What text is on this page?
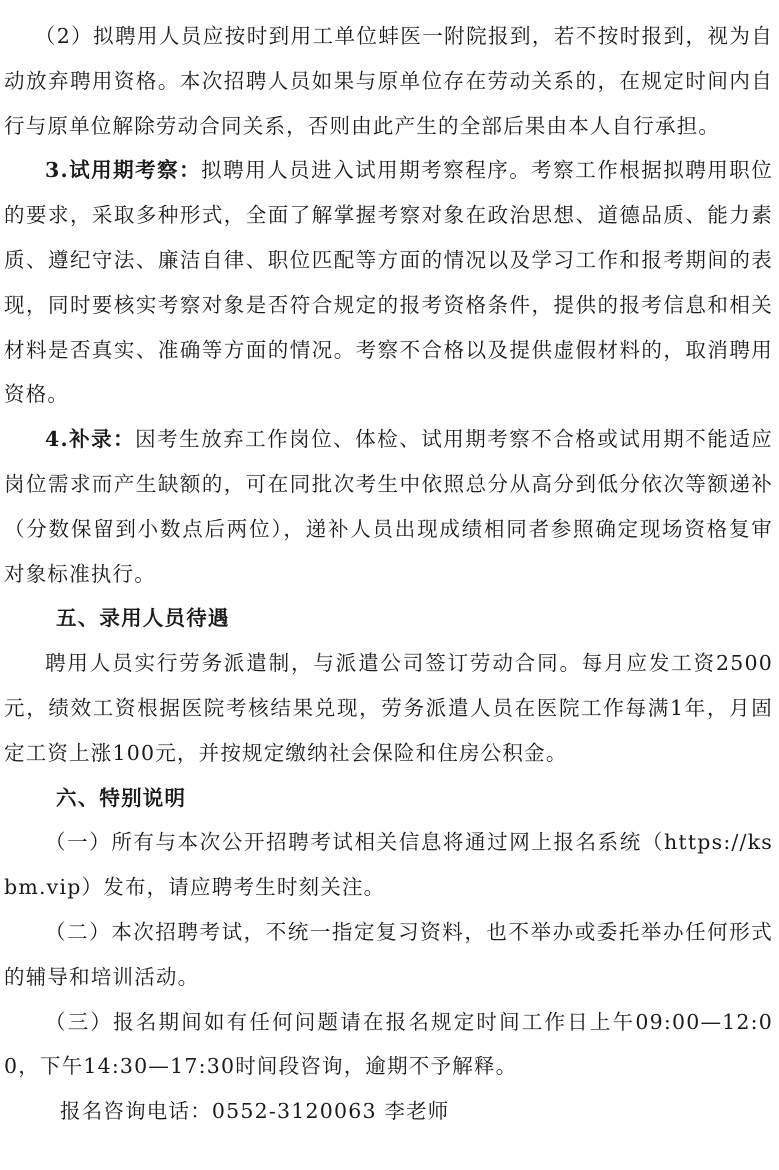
（2）拟聘用人员应按时到用工单位蚌医一附院报到，若不按时报到，视为自动放弃聘用资格。本次招聘人员如果与原单位存在劳动关系的，在规定时间内自行与原单位解除劳动合同关系，否则由此产生的全部后果由本人自行承担。

3.试用期考察：拟聘用人员进入试用期考察程序。考察工作根据拟聘用职位的要求，采取多种形式，全面了解掌握考察对象在政治思想、道德品质、能力素质、遵纪守法、廉洁自律、职位匹配等方面的情况以及学习工作和报考期间的表现，同时要核实考察对象是否符合规定的报考资格条件，提供的报考信息和相关材料是否真实、准确等方面的情况。考察不合格以及提供虚假材料的，取消聘用资格。

4.补录：因考生放弃工作岗位、体检、试用期考察不合格或试用期不能适应岗位需求而产生缺额的，可在同批次考生中依照总分从高分到低分依次等额递补（分数保留到小数点后两位），递补人员出现成绩相同者参照确定现场资格复审对象标准执行。

五、录用人员待遇

聘用人员实行劳务派遣制，与派遣公司签订劳动合同。每月应发工资2500元，绩效工资根据医院考核结果兑现，劳务派遣人员在医院工作每满1年，月固定工资上涨100元，并按规定缴纳社会保险和住房公积金。

六、特别说明

（一）所有与本次公开招聘考试相关信息将通过网上报名系统（https://ksbm.vip）发布，请应聘考生时刻关注。

（二）本次招聘考试，不统一指定复习资料，也不举办或委托举办任何形式的辅导和培训活动。

（三）报名期间如有任何问题请在报名规定时间工作日上午09:00—12:00，下午14:30—17:30时间段咨询，逾期不予解释。

报名咨询电话：0552-3120063 李老师
